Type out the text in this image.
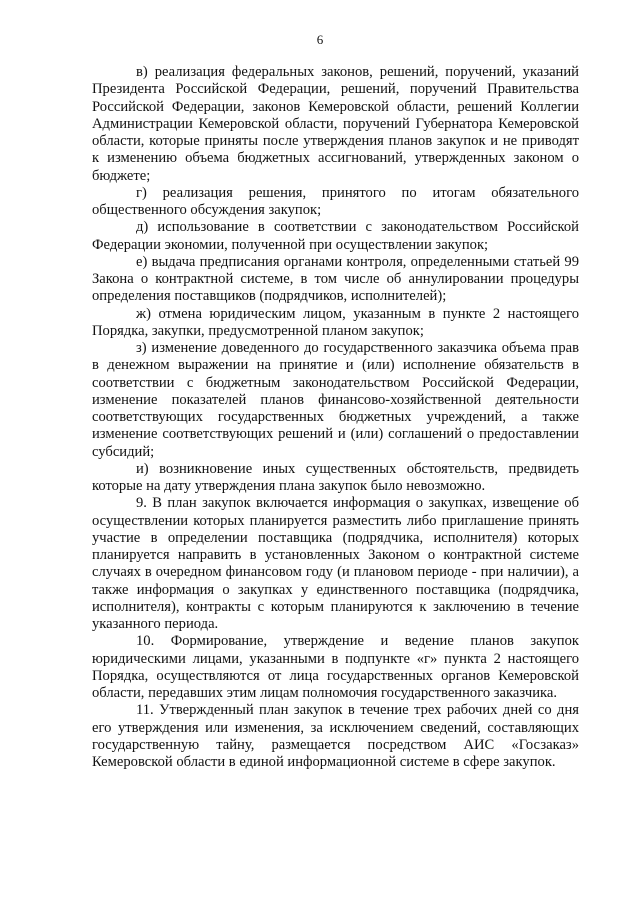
6

в) реализация федеральных законов, решений, поручений, указаний Президента Российской Федерации, решений, поручений Правительства Российской Федерации, законов Кемеровской области, решений Коллегии Администрации Кемеровской области, поручений Губернатора Кемеровской области, которые приняты после утверждения планов закупок и не приводят к изменению объема бюджетных ассигнований, утвержденных законом о бюджете;

г) реализация решения, принятого по итогам обязательного общественного обсуждения закупок;

д) использование в соответствии с законодательством Российской Федерации экономии, полученной при осуществлении закупок;

е) выдача предписания органами контроля, определенными статьей 99 Закона о контрактной системе, в том числе об аннулировании процедуры определения поставщиков (подрядчиков, исполнителей);

ж) отмена юридическим лицом, указанным в пункте 2 настоящего Порядка, закупки, предусмотренной планом закупок;

з) изменение доведенного до государственного заказчика объема прав в денежном выражении на принятие и (или) исполнение обязательств в соответствии с бюджетным законодательством Российской Федерации, изменение показателей планов финансово-хозяйственной деятельности соответствующих государственных бюджетных учреждений, а также изменение соответствующих решений и (или) соглашений о предоставлении субсидий;

и) возникновение иных существенных обстоятельств, предвидеть которые на дату утверждения плана закупок было невозможно.

9. В план закупок включается информация о закупках, извещение об осуществлении которых планируется разместить либо приглашение принять участие в определении поставщика (подрядчика, исполнителя) которых планируется направить в установленных Законом о контрактной системе случаях в очередном финансовом году (и плановом периоде - при наличии), а также информация о закупках у единственного поставщика (подрядчика, исполнителя), контракты с которым планируются к заключению в течение указанного периода.

10. Формирование, утверждение и ведение планов закупок юридическими лицами, указанными в подпункте «г» пункта 2 настоящего Порядка, осуществляются от лица государственных органов Кемеровской области, передавших этим лицам полномочия государственного заказчика.

11. Утвержденный план закупок в течение трех рабочих дней со дня его утверждения или изменения, за исключением сведений, составляющих государственную тайну, размещается посредством АИС «Госзаказ» Кемеровской области в единой информационной системе в сфере закупок.
